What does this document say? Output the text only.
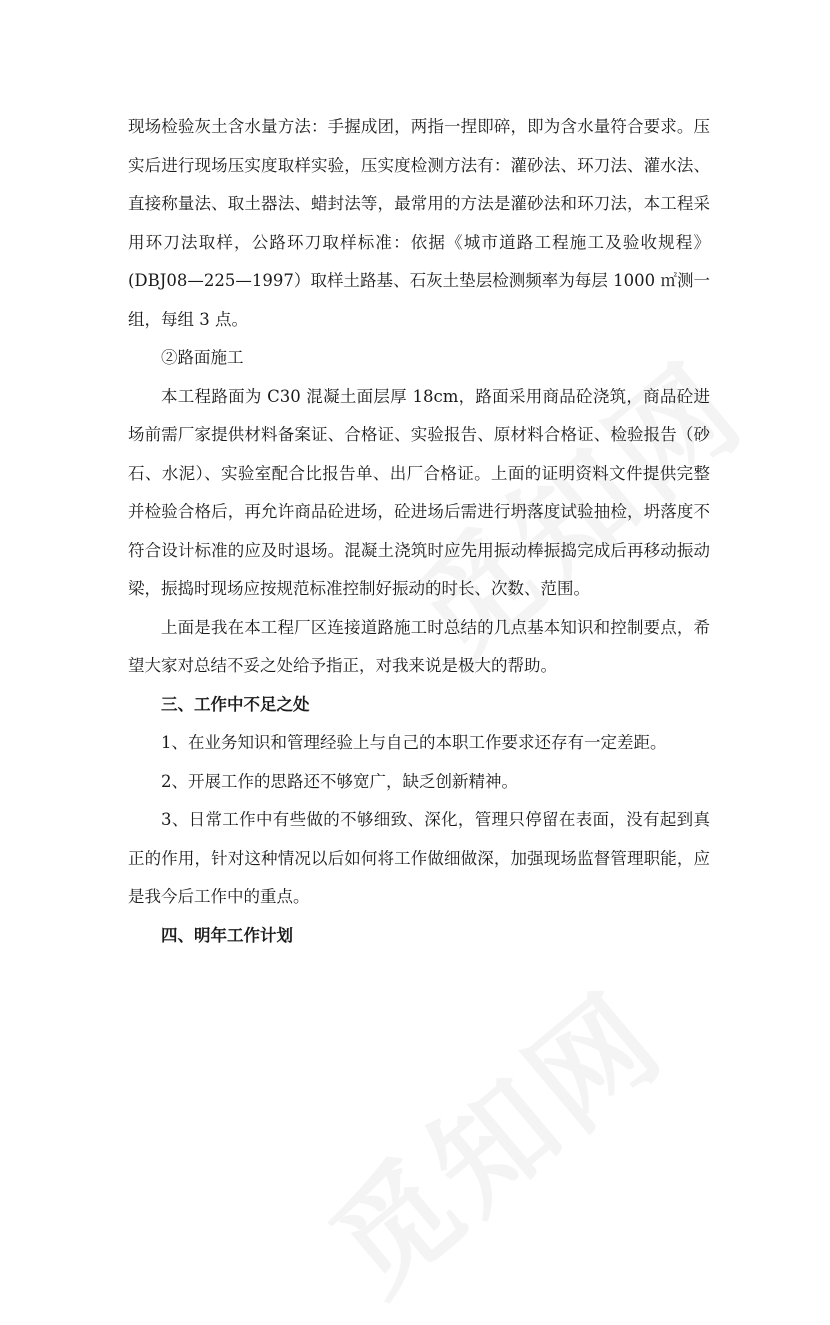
现场检验灰土含水量方法：手握成团，两指一捏即碎，即为含水量符合要求。压实后进行现场压实度取样实验，压实度检测方法有：灌砂法、环刀法、灌水法、直接称量法、取土器法、蜡封法等，最常用的方法是灌砂法和环刀法，本工程采用环刀法取样，公路环刀取样标准：依据《城市道路工程施工及验收规程》(DBJ08—225—1997）取样土路基、石灰土垫层检测频率为每层 1000 ㎡测一组，每组 3 点。

②路面施工

本工程路面为 C30 混凝土面层厚 18cm，路面采用商品砼浇筑，商品砼进场前需厂家提供材料备案证、合格证、实验报告、原材料合格证、检验报告（砂石、水泥）、实验室配合比报告单、出厂合格证。上面的证明资料文件提供完整并检验合格后，再允许商品砼进场，砼进场后需进行坍落度试验抽检，坍落度不符合设计标准的应及时退场。混凝土浇筑时应先用振动棒振捣完成后再移动振动梁，振捣时现场应按规范标准控制好振动的时长、次数、范围。

上面是我在本工程厂区连接道路施工时总结的几点基本知识和控制要点，希望大家对总结不妥之处给予指正，对我来说是极大的帮助。

三、工作中不足之处

1、在业务知识和管理经验上与自己的本职工作要求还存有一定差距。

2、开展工作的思路还不够宽广，缺乏创新精神。

3、日常工作中有些做的不够细致、深化，管理只停留在表面，没有起到真正的作用，针对这种情况以后如何将工作做细做深，加强现场监督管理职能，应是我今后工作中的重点。

四、明年工作计划
